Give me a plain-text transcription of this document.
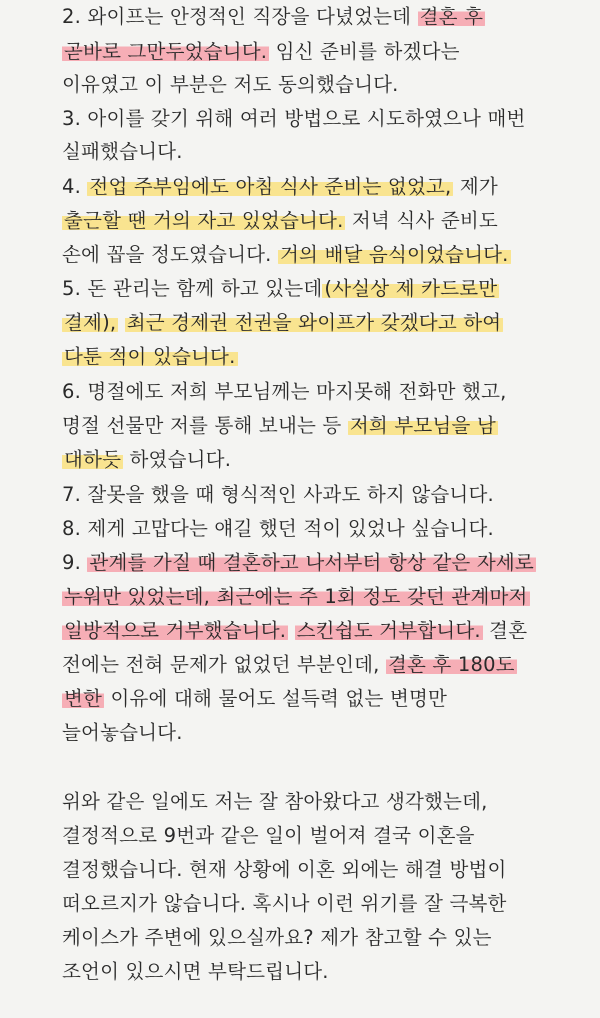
2. 와이프는 안정적인 직장을 다녔었는데 결혼 후
곧바로 그만두었습니다. 임신 준비를 하겠다는
이유였고 이 부분은 저도 동의했습니다.
3. 아이를 갖기 위해 여러 방법으로 시도하였으나 매번
실패했습니다.
4. 전업 주부임에도 아침 식사 준비는 없었고, 제가
출근할 땐 거의 자고 있었습니다. 저녁 식사 준비도
손에 꼽을 정도였습니다. 거의 배달 음식이었습니다.
5. 돈 관리는 함께 하고 있는데 (사실상 제 카드로만
결제), 최근 경제권 전권을 와이프가 갖겠다고 하여
다툰 적이 있습니다.
6. 명절에도 저희 부모님께는 마지못해 전화만 했고,
명절 선물만 저를 통해 보내는 등 저희 부모님을 남
대하듯 하였습니다.
7. 잘못을 했을 때 형식적인 사과도 하지 않습니다.
8. 제게 고맙다는 얘길 했던 적이 있었나 싶습니다.
9. 관계를 가질 때 결혼하고 나서부터 항상 같은 자세로
누워만 있었는데, 최근에는 주 1회 정도 갖던 관계마저
일방적으로 거부했습니다. 스킨쉽도 거부합니다. 결혼
전에는 전혀 문제가 없었던 부분인데, 결혼 후 180도
변한 이유에 대해 물어도 설득력 없는 변명만
늘어놓습니다.
위와 같은 일에도 저는 잘 참아왔다고 생각했는데,
결정적으로 9번과 같은 일이 벌어져 결국 이혼을
결정했습니다. 현재 상황에 이혼 외에는 해결 방법이
떠오르지가 않습니다. 혹시나 이런 위기를 잘 극복한
케이스가 주변에 있으실까요? 제가 참고할 수 있는
조언이 있으시면 부탁드립니다.
